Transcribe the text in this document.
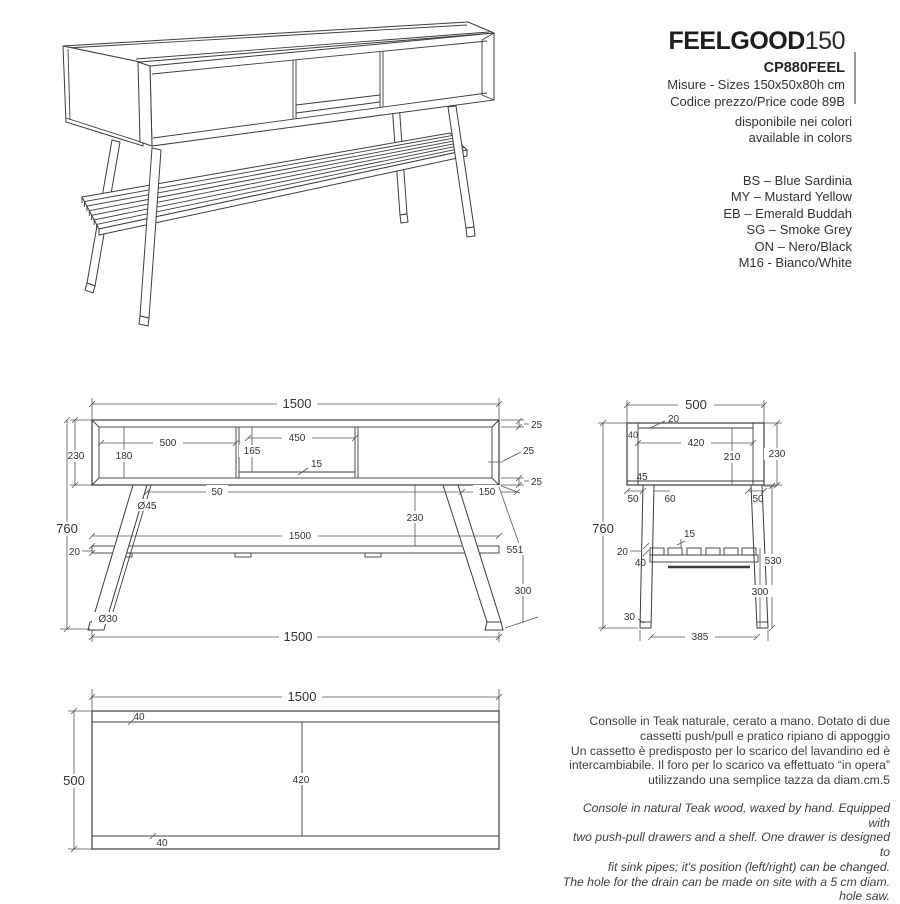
FEELGOOD150
CP880FEEL
Misure - Sizes 150x50x80h cm
Codice prezzo/Price code 89B
disponibile nei colori
available in colors
BS – Blue Sardinia
MY – Mustard Yellow
EB – Emerald Buddah
SG – Smoke Grey
ON – Nero/Black
M16 - Bianco/White
1500
230
760
500
180
450
165
15
50	150
Ø45
230
1500
20	551
300
Ø30
1500
25
25
25
500
20
40
420
210	230
45
50	60	50
760	15
20
40	530
300
30
385
1500
500
40
40
420
Consolle in Teak naturale, cerato a mano. Dotato di due
cassetti push/pull e pratico ripiano di appoggio
Un cassetto è predisposto per lo scarico del lavandino ed è
intercambiabile. Il foro per lo scarico va effettuato “in opera”
utilizzando una semplice tazza da diam.cm.5
Console in natural Teak wood, waxed by hand. Equipped with
two push-pull drawers and a shelf. One drawer is designed to
fit sink pipes; it's position (left/right) can be changed.
The hole for the drain can be made on site with a 5 cm diam.
hole saw.
